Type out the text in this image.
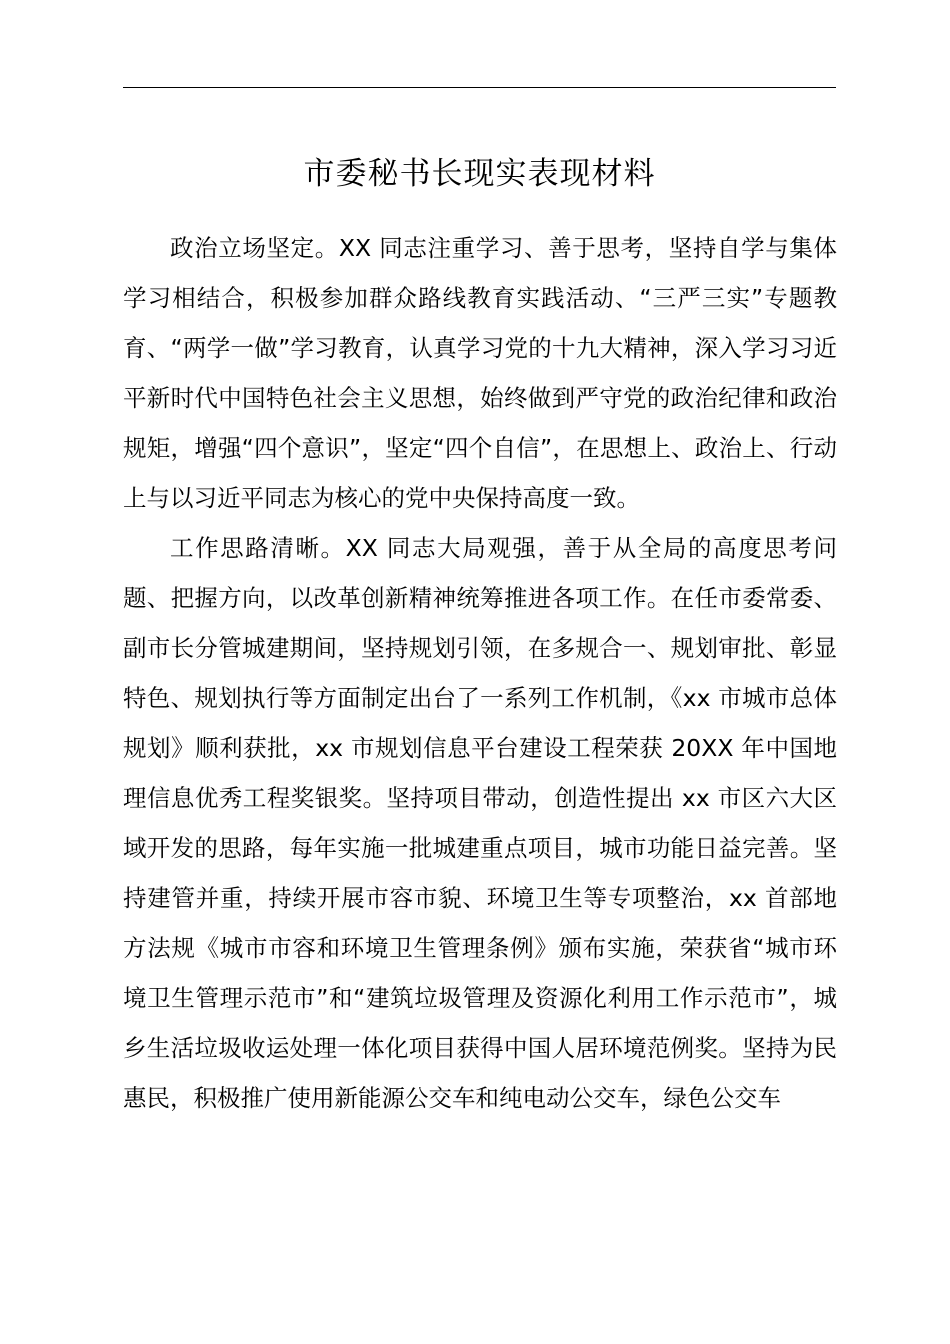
市委秘书长现实表现材料

政治立场坚定。XX 同志注重学习、善于思考，坚持自学与集体学习相结合，积极参加群众路线教育实践活动、“三严三实”专题教育、“两学一做”学习教育，认真学习党的十九大精神，深入学习习近平新时代中国特色社会主义思想，始终做到严守党的政治纪律和政治规矩，增强“四个意识”，坚定“四个自信”，在思想上、政治上、行动上与以习近平同志为核心的党中央保持高度一致。

工作思路清晰。XX 同志大局观强，善于从全局的高度思考问题、把握方向，以改革创新精神统筹推进各项工作。在任市委常委、副市长分管城建期间，坚持规划引领，在多规合一、规划审批、彰显特色、规划执行等方面制定出台了一系列工作机制，《xx 市城市总体规划》顺利获批，xx 市规划信息平台建设工程荣获 20XX 年中国地理信息优秀工程奖银奖。坚持项目带动，创造性提出 xx 市区六大区域开发的思路，每年实施一批城建重点项目，城市功能日益完善。坚持建管并重，持续开展市容市貌、环境卫生等专项整治，xx 首部地方法规《城市市容和环境卫生管理条例》颁布实施，荣获省“城市环境卫生管理示范市”和“建筑垃圾管理及资源化利用工作示范市”，城乡生活垃圾收运处理一体化项目获得中国人居环境范例奖。坚持为民惠民，积极推广使用新能源公交车和纯电动公交车，绿色公交车
